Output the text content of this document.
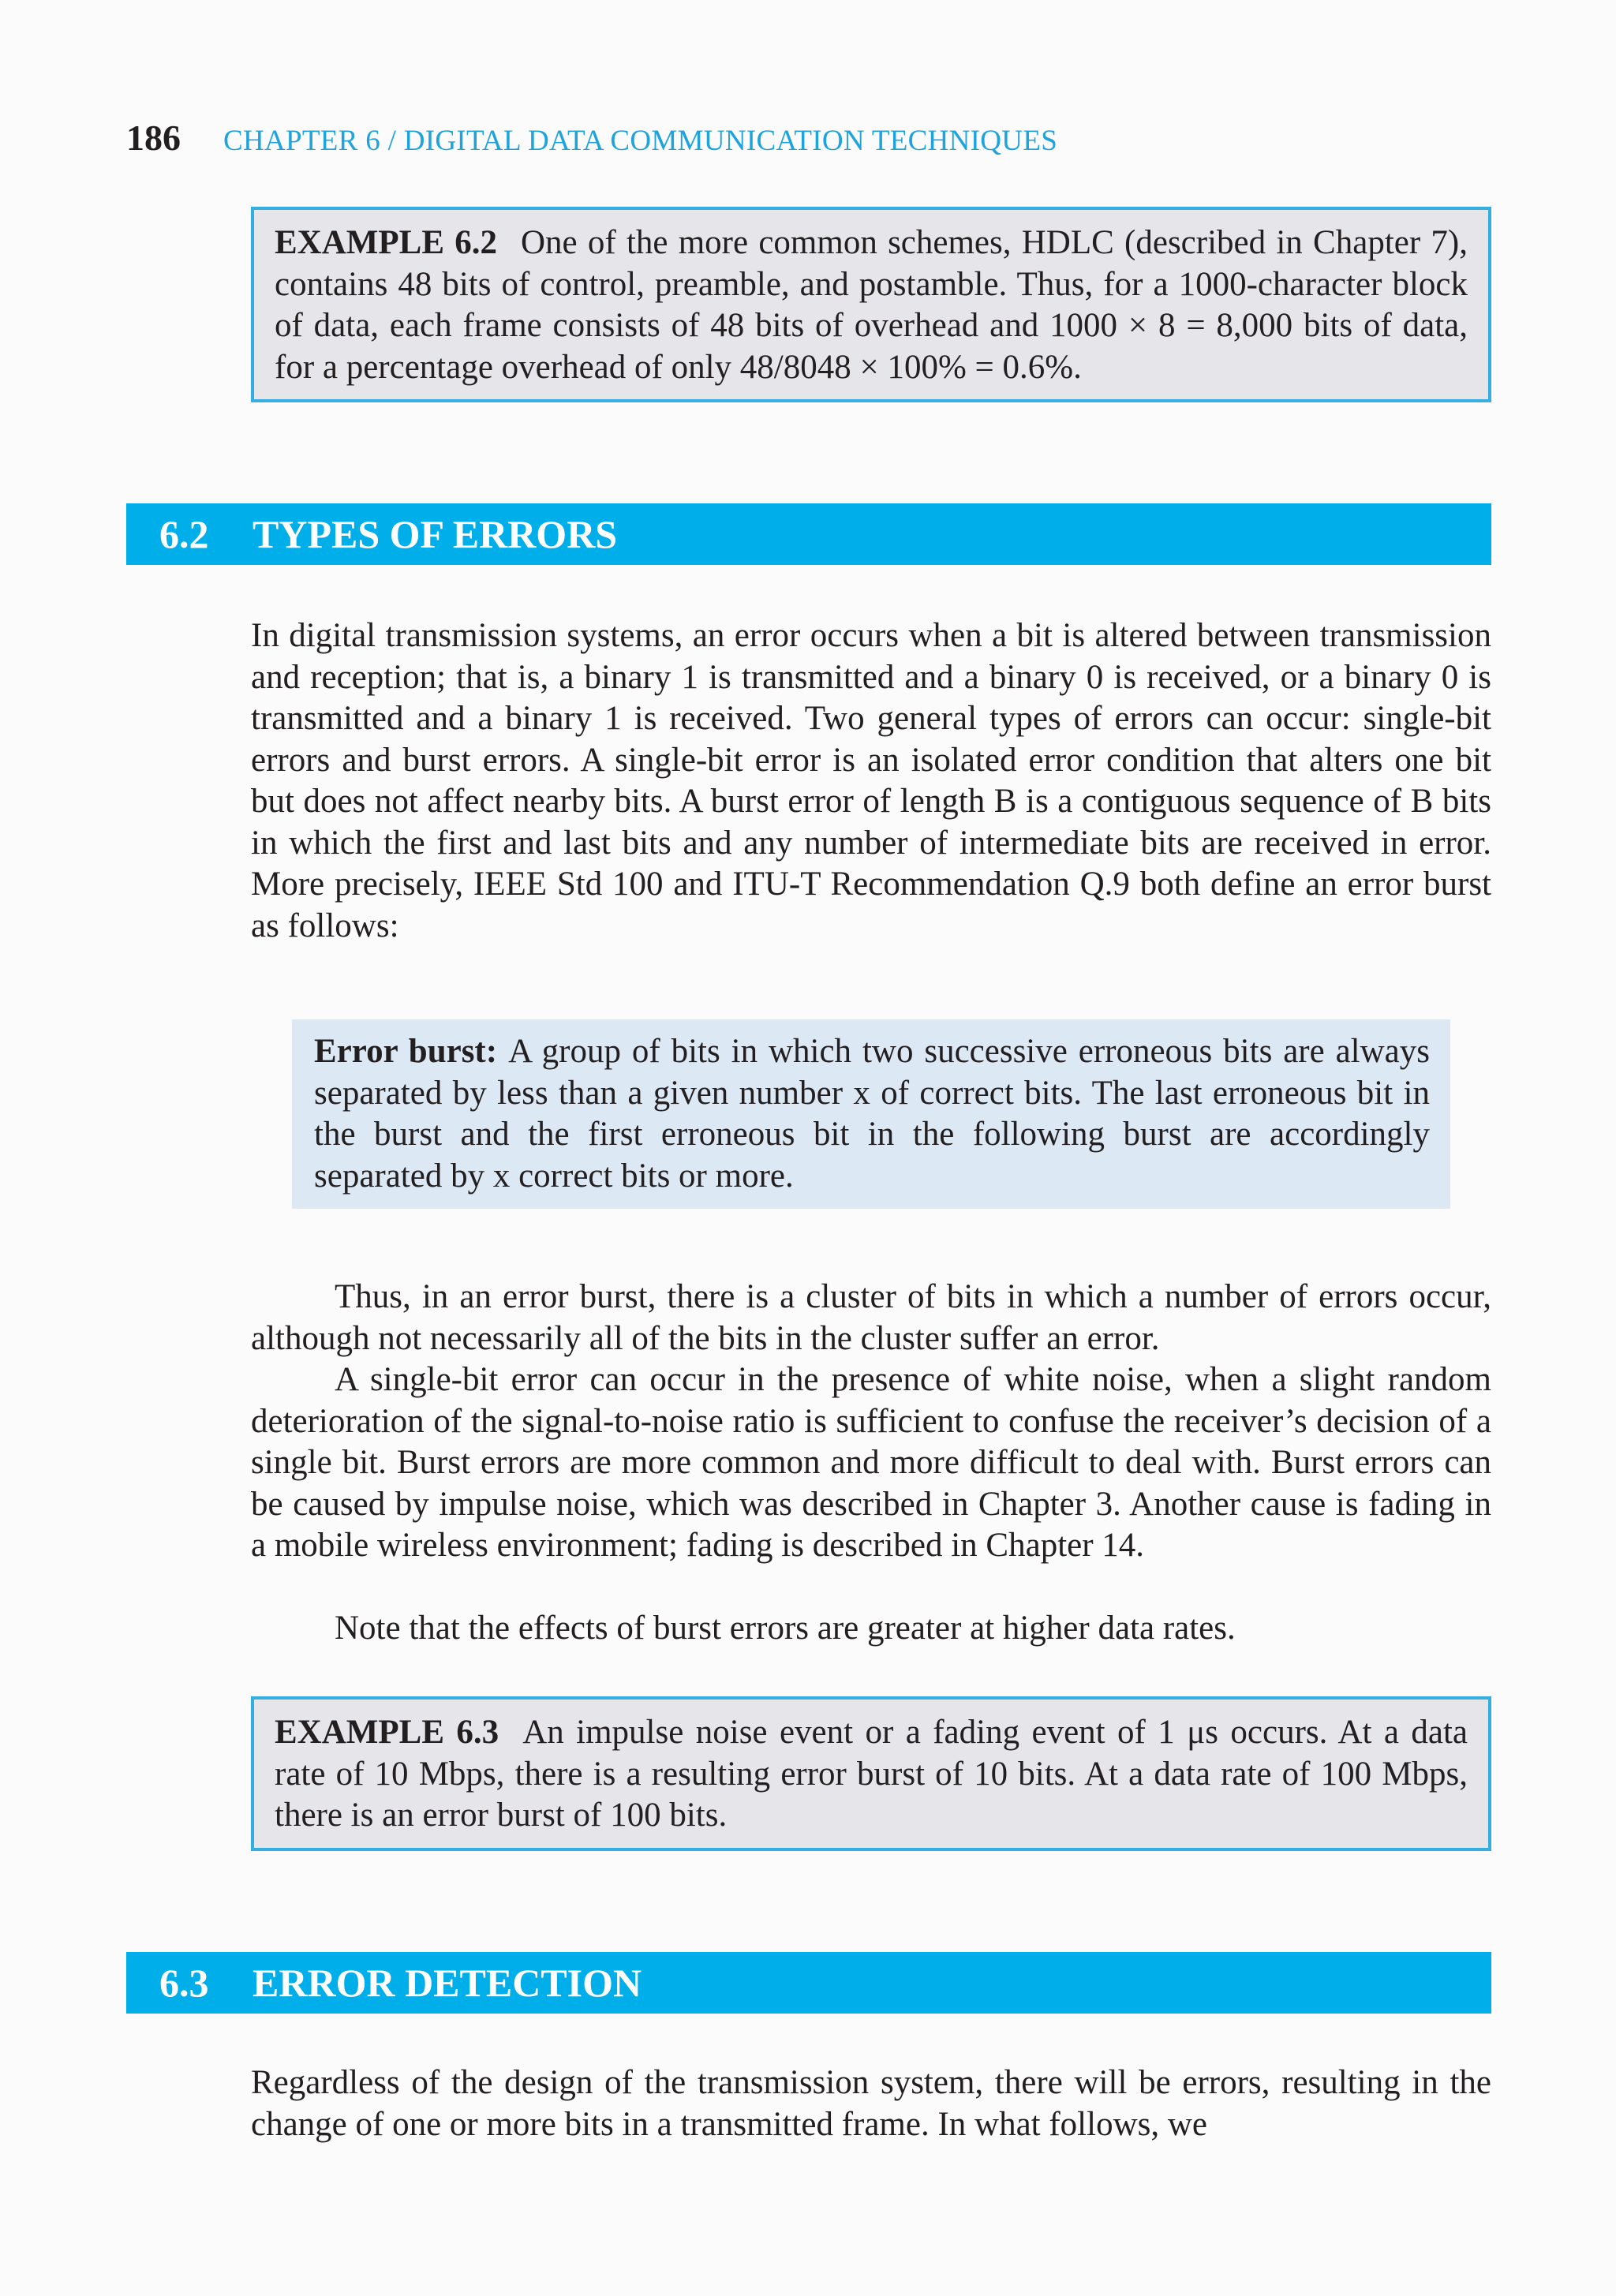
186 CHAPTER 6 / DIGITAL DATA COMMUNICATION TECHNIQUES
EXAMPLE 6.2 One of the more common schemes, HDLC (described in Chapter 7), contains 48 bits of control, preamble, and postamble. Thus, for a 1000-character block of data, each frame consists of 48 bits of overhead and 1000 × 8 = 8,000 bits of data, for a percentage overhead of only 48/8048 × 100% = 0.6%.
6.2 TYPES OF ERRORS

In digital transmission systems, an error occurs when a bit is altered between transmission and reception; that is, a binary 1 is transmitted and a binary 0 is received, or a binary 0 is transmitted and a binary 1 is received. Two general types of errors can occur: single-bit errors and burst errors. A single-bit error is an isolated error condition that alters one bit but does not affect nearby bits. A burst error of length B is a contiguous sequence of B bits in which the first and last bits and any number of intermediate bits are received in error. More precisely, IEEE Std 100 and ITU-T Recommendation Q.9 both define an error burst as follows:

Error burst: A group of bits in which two successive erroneous bits are always separated by less than a given number x of correct bits. The last erroneous bit in the burst and the first erroneous bit in the following burst are accordingly separated by x correct bits or more.

Thus, in an error burst, there is a cluster of bits in which a number of errors occur, although not necessarily all of the bits in the cluster suffer an error.

A single-bit error can occur in the presence of white noise, when a slight random deterioration of the signal-to-noise ratio is sufficient to confuse the receiver’s decision of a single bit. Burst errors are more common and more difficult to deal with. Burst errors can be caused by impulse noise, which was described in Chapter 3. Another cause is fading in a mobile wireless environment; fading is described in Chapter 14.

Note that the effects of burst errors are greater at higher data rates.

EXAMPLE 6.3 An impulse noise event or a fading event of 1 μs occurs. At a data rate of 10 Mbps, there is a resulting error burst of 10 bits. At a data rate of 100 Mbps, there is an error burst of 100 bits.
6.3 ERROR DETECTION

Regardless of the design of the transmission system, there will be errors, resulting in the change of one or more bits in a transmitted frame. In what follows, we
